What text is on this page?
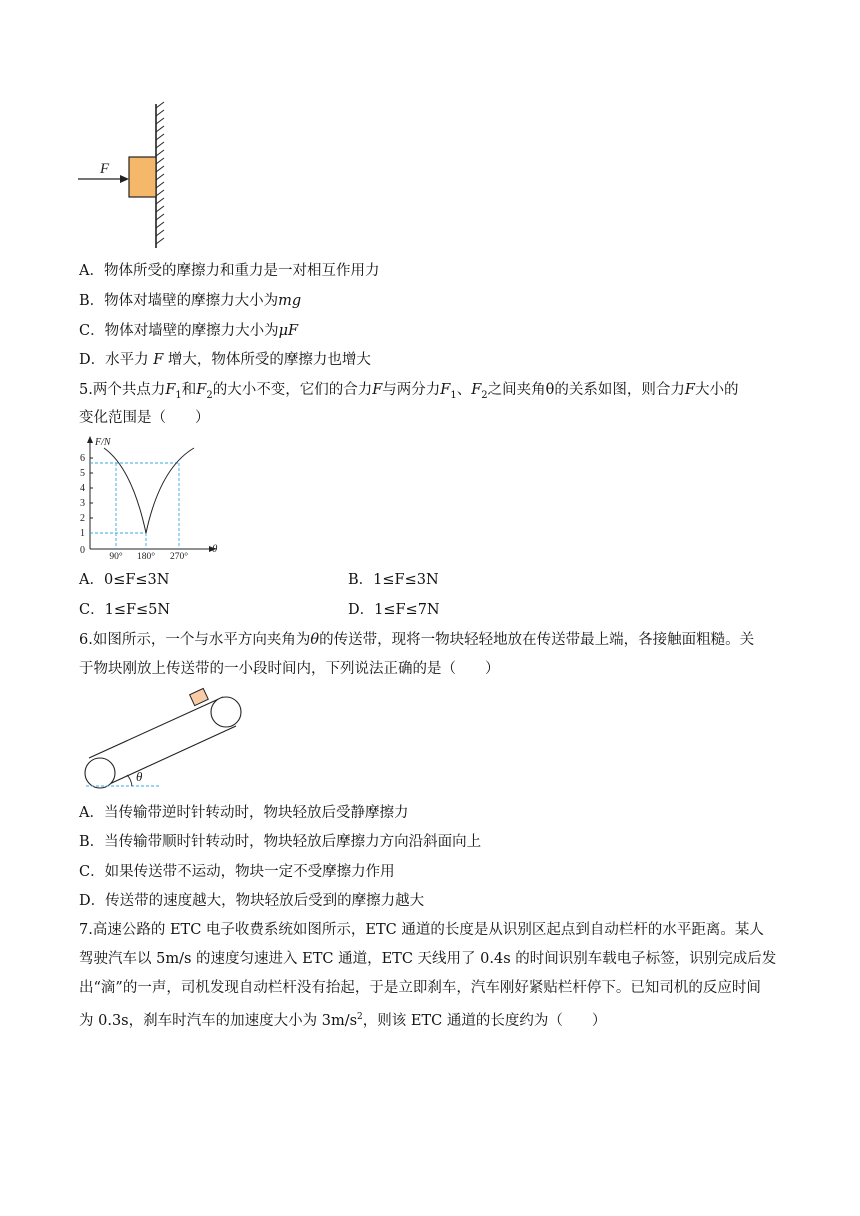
F
A．物体所受的摩擦力和重力是一对相互作用力
B．物体对墙壁的摩擦力大小为mg
C．物体对墙壁的摩擦力大小为μF
D．水平力 F 增大，物体所受的摩擦力也增大
5.两个共点力$F_1$和$F_2$的大小不变，它们的合力F与两分力$F_1$、$F_2$之间夹角θ的关系如图，则合力F大小的
变化范围是（　　）
F/N
θ
0
1
2
3
4
5
6
90° 180° 270°
A．0≤F≤3N	B．1≤F≤3N
C．1≤F≤5N	D．1≤F≤7N
6.如图所示，一个与水平方向夹角为θ的传送带，现将一物块轻轻地放在传送带最上端，各接触面粗糙。关
于物块刚放上传送带的一小段时间内，下列说法正确的是（　　）
θ
A．当传输带逆时针转动时，物块轻放后受静摩擦力
B．当传输带顺时针转动时，物块轻放后摩擦力方向沿斜面向上
C．如果传送带不运动，物块一定不受摩擦力作用
D．传送带的速度越大，物块轻放后受到的摩擦力越大
7.高速公路的 ETC 电子收费系统如图所示，ETC 通道的长度是从识别区起点到自动栏杆的水平距离。某人
驾驶汽车以 5m/s 的速度匀速进入 ETC 通道，ETC 天线用了 0.4s 的时间识别车载电子标签，识别完成后发
出“滴”的一声，司机发现自动栏杆没有抬起，于是立即刹车，汽车刚好紧贴栏杆停下。已知司机的反应时间
为 0.3s，刹车时汽车的加速度大小为 $3m/s^2$，则该 ETC 通道的长度约为（　　）
